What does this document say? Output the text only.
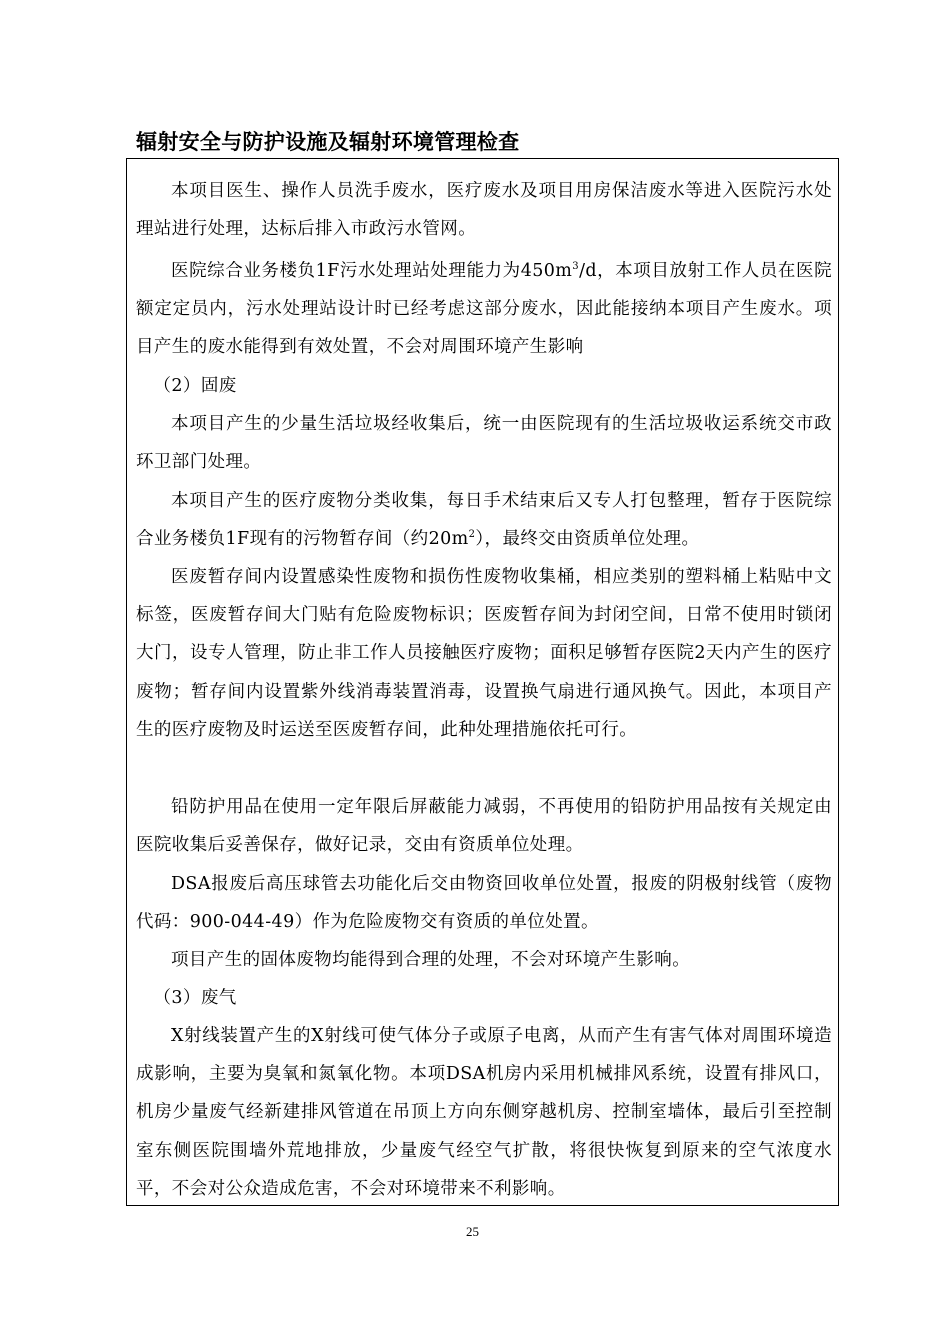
辐射安全与防护设施及辐射环境管理检查

本项目医生、操作人员洗手废水，医疗废水及项目用房保洁废水等进入医院污水处理站进行处理，达标后排入市政污水管网。

医院综合业务楼负1F污水处理站处理能力为$450m^3/d$，本项目放射工作人员在医院额定定员内，污水处理站设计时已经考虑这部分废水，因此能接纳本项目产生废水。项目产生的废水能得到有效处置，不会对周围环境产生影响

（2）固废

本项目产生的少量生活垃圾经收集后，统一由医院现有的生活垃圾收运系统交市政环卫部门处理。

本项目产生的医疗废物分类收集，每日手术结束后又专人打包整理，暂存于医院综合业务楼负1F现有的污物暂存间（约$20m^2$），最终交由资质单位处理。

医废暂存间内设置感染性废物和损伤性废物收集桶，相应类别的塑料桶上粘贴中文标签，医废暂存间大门贴有危险废物标识；医废暂存间为封闭空间，日常不使用时锁闭大门，设专人管理，防止非工作人员接触医疗废物；面积足够暂存医院2天内产生的医疗废物；暂存间内设置紫外线消毒装置消毒，设置换气扇进行通风换气。因此，本项目产生的医疗废物及时运送至医废暂存间，此种处理措施依托可行。

铅防护用品在使用一定年限后屏蔽能力减弱，不再使用的铅防护用品按有关规定由医院收集后妥善保存，做好记录，交由有资质单位处理。

DSA报废后高压球管去功能化后交由物资回收单位处置，报废的阴极射线管（废物代码：900-044-49）作为危险废物交有资质的单位处置。

项目产生的固体废物均能得到合理的处理，不会对环境产生影响。

（3）废气

X射线装置产生的X射线可使气体分子或原子电离，从而产生有害气体对周围环境造成影响，主要为臭氧和氮氧化物。本项DSA机房内采用机械排风系统，设置有排风口，机房少量废气经新建排风管道在吊顶上方向东侧穿越机房、控制室墙体，最后引至控制室东侧医院围墙外荒地排放，少量废气经空气扩散，将很快恢复到原来的空气浓度水平，不会对公众造成危害，不会对环境带来不利影响。

25
